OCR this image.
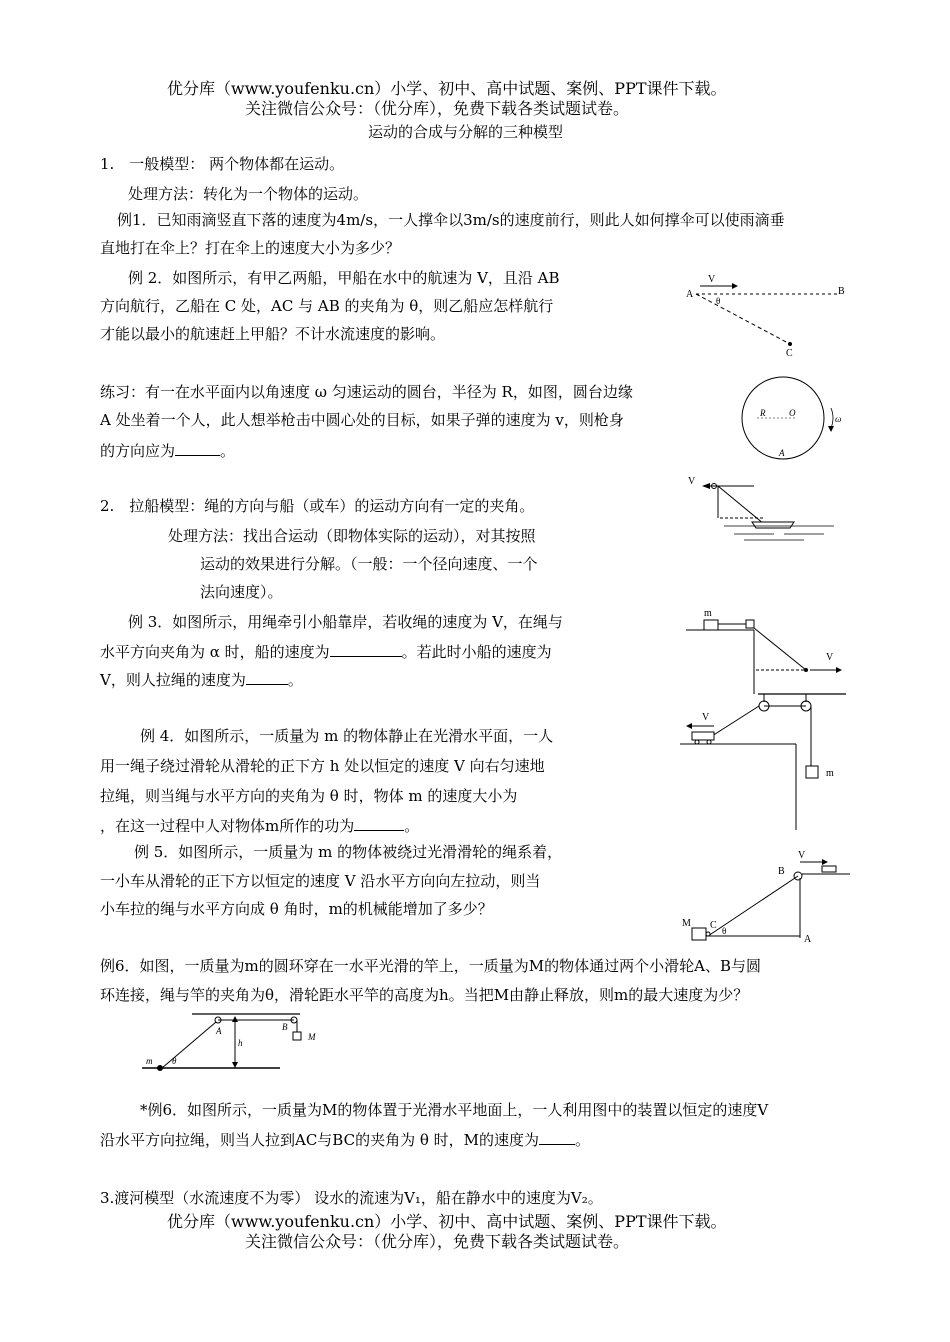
优分库（www.youfenku.cn）小学、初中、高中试题、案例、PPT课件下载。
关注微信公众号：（优分库），免费下载各类试题试卷。
运动的合成与分解的三种模型
1.　一般模型： 两个物体都在运动。
处理方法：转化为一个物体的运动。
例1．已知雨滴竖直下落的速度为4m/s，一人撑伞以3m/s的速度前行，则此人如何撑伞可以使雨滴垂
直地打在伞上？打在伞上的速度大小为多少？
例 2．如图所示，有甲乙两船，甲船在水中的航速为 V，且沿 AB
方向航行，乙船在 C 处，AC 与 AB 的夹角为 θ，则乙船应怎样航行
才能以最小的航速赶上甲船？不计水流速度的影响。
练习：有一在水平面内以角速度 ω 匀速运动的圆台，半径为 R，如图，圆台边缘
A 处坐着一个人，此人想举枪击中圆心处的目标，如果子弹的速度为 v，则枪身
的方向应为	。
2.　拉船模型：绳的方向与船（或车）的运动方向有一定的夹角。
处理方法：找出合运动（即物体实际的运动），对其按照
运动的效果进行分解。（一般：一个径向速度、一个
法向速度）。
例 3．如图所示，用绳牵引小船靠岸，若收绳的速度为 V，在绳与
水平方向夹角为 α 时，船的速度为	。若此时小船的速度为
V，则人拉绳的速度为	。
例 4．如图所示，一质量为 m 的物体静止在光滑水平面，一人
用一绳子绕过滑轮从滑轮的正下方 h 处以恒定的速度 V 向右匀速地
拉绳，则当绳与水平方向的夹角为 θ 时，物体 m 的速度大小为
，在这一过程中人对物体m所作的功为	。
例 5．如图所示，一质量为 m 的物体被绕过光滑滑轮的绳系着，
一小车从滑轮的正下方以恒定的速度 V 沿水平方向向左拉动，则当
小车拉的绳与水平方向成 θ 角时，m的机械能增加了多少？
例6．如图，一质量为m的圆环穿在一水平光滑的竿上，一质量为M的物体通过两个小滑轮A、B与圆
环连接，绳与竿的夹角为θ，滑轮距水平竿的高度为h。当把M由静止释放，则m的最大速度为少？
*例6．如图所示，一质量为M的物体置于光滑水平地面上，一人利用图中的装置以恒定的速度V
沿水平方向拉绳，则当人拉到AC与BC的夹角为 θ 时，M的速度为 。
3.渡河模型（水流速度不为零） 设水的流速为V₁，船在静水中的速度为V₂。
优分库（www.youfenku.cn）小学、初中、高中试题、案例、PPT课件下载。
关注微信公众号：（优分库），免费下载各类试题试卷。
V
A	B
C
θ
R	O
A
ω
V
m
V
V
m
V
B
M C θ
A
A	B
M
h
m θ
